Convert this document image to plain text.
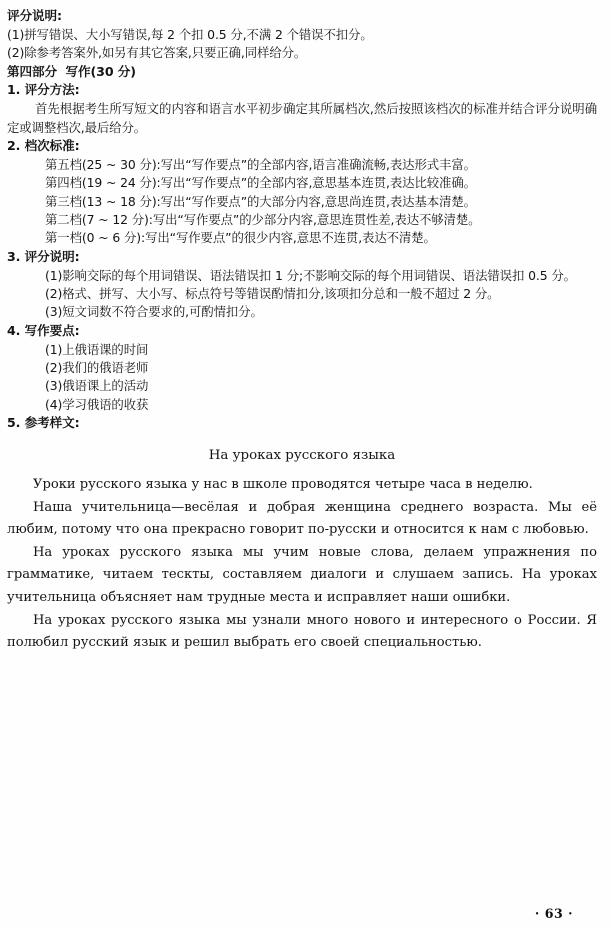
评分说明:
(1)拼写错误、大小写错误,每 2 个扣 0.5 分,不满 2 个错误不扣分。
(2)除参考答案外,如另有其它答案,只要正确,同样给分。
第四部分  写作(30 分)
1. 评分方法:
首先根据考生所写短文的内容和语言水平初步确定其所属档次,然后按照该档次的标准并结合评分说明确定或调整档次,最后给分。
2. 档次标准:
第五档(25 ~ 30 分):写出“写作要点”的全部内容,语言准确流畅,表达形式丰富。
第四档(19 ~ 24 分):写出“写作要点”的全部内容,意思基本连贯,表达比较准确。
第三档(13 ~ 18 分):写出“写作要点”的大部分内容,意思尚连贯,表达基本清楚。
第二档(7 ~ 12 分):写出“写作要点”的少部分内容,意思连贯性差,表达不够清楚。
第一档(0 ~ 6 分):写出“写作要点”的很少内容,意思不连贯,表达不清楚。
3. 评分说明:
(1)影响交际的每个用词错误、语法错误扣 1 分;不影响交际的每个用词错误、语法错误扣 0.5 分。
(2)格式、拼写、大小写、标点符号等错误酌情扣分,该项扣分总和一般不超过 2 分。
(3)短文词数不符合要求的,可酌情扣分。
4. 写作要点:
(1)上俄语课的时间
(2)我们的俄语老师
(3)俄语课上的活动
(4)学习俄语的收获
5. 参考样文:
На уроках русского языка

Уроки русского языка у нас в школе проводятся четыре часа в неделю.

Наша учительница—весёлая и добрая женщина среднего возраста. Мы её любим, потому что она прекрасно говорит по-русски и относится к нам с любовью.

На уроках русского языка мы учим новые слова, делаем упражнения по грамматике, читаем тескты, составляем диалоги и слушаем запись. На уроках учительница объясняет нам трудные места и исправляет наши ошибки.

На уроках русского языка мы узнали много нового и интересного о России. Я полюбил русский язык и решил выбрать его своей специальностью.

· 63 ·
